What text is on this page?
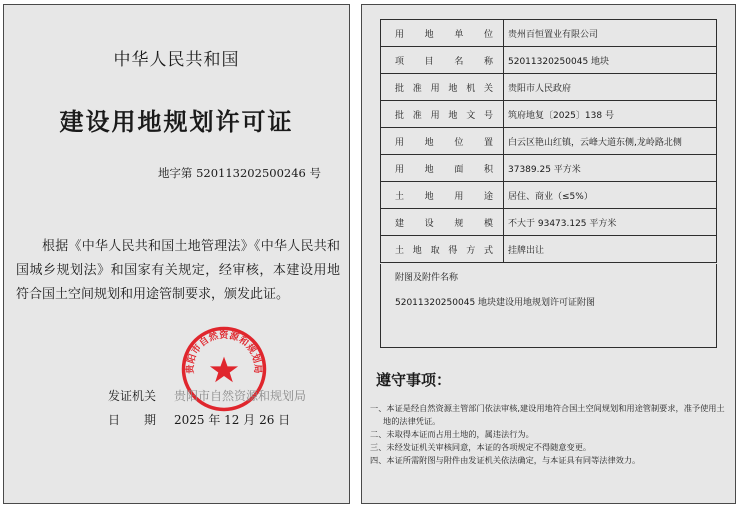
中华人民共和国
建设用地规划许可证
地字第 520113202500246 号
根据《中华人民共和国土地管理法》《中华人民共和国城乡规划法》和国家有关规定，经审核，本建设用地符合国土空间规划和用途管制要求，颁发此证。
贵阳市自然资源和规划局
发证机关 贵阳市自然资源和规划局
日　　期 2025 年 12 月 26 日
用地单位	贵州百恒置业有限公司
项目名称	52011320250045 地块
批准用地机关	贵阳市人民政府
批准用地文号	筑府地复〔2025〕138 号
用地位置	白云区艳山红镇，云峰大道东侧,龙岭路北侧
用地面积	37389.25 平方米
土地用途	居住、商业（≤5%）
建设规模	不大于 93473.125 平方米
土地取得方式	挂牌出让
附图及附件名称
52011320250045 地块建设用地规划许可证附图
遵守事项：
一、本证是经自然资源主管部门依法审核,建设用地符合国土空间规划和用途管制要求，准予使用土地的法律凭证。
二、未取得本证而占用土地的，属违法行为。
三、未经发证机关审核同意，本证的各项规定不得随意变更。
四、本证所需附图与附件由发证机关依法确定，与本证具有同等法律效力。
